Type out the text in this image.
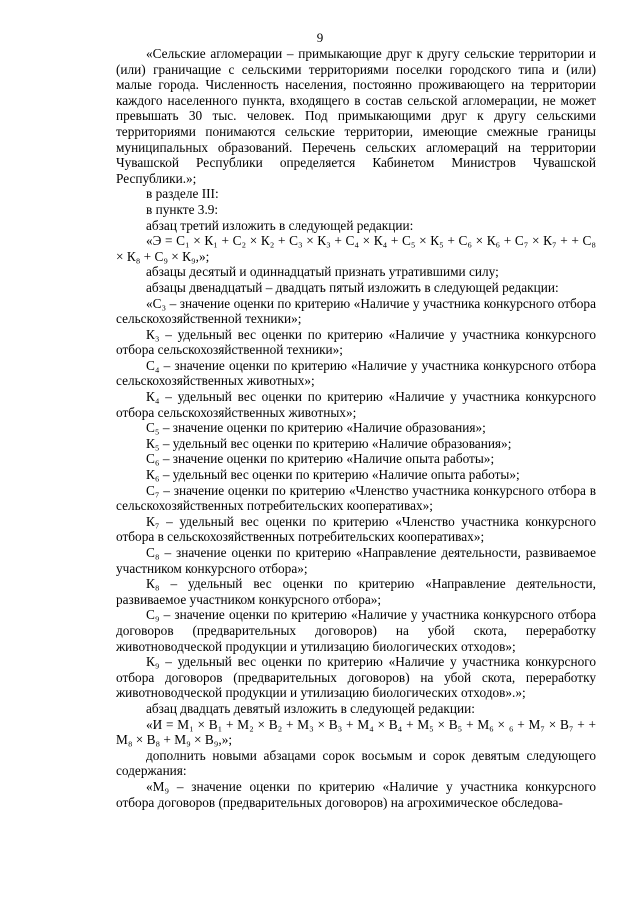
9

«Сельские агломерации – примыкающие друг к другу сельские территории и (или) граничащие с сельскими территориями поселки городского типа и (или) малые города. Численность населения, постоянно проживающего на территории каждого населенного пункта, входящего в состав сельской агломерации, не может превышать 30 тыс. человек. Под примыкающими друг к другу сельскими территориями понимаются сельские территории, имеющие смежные границы муниципальных образований. Перечень сельских агломераций на территории Чувашской Республики определяется Кабинетом Министров Чувашской Республики.»;

в разделе III:

в пункте 3.9:

абзац третий изложить в следующей редакции:

«Э = С₁ × К₁ + С₂ × К₂ + С₃ × К₃ + С₄ × К₄ + С₅ × К₅ + С₆ × К₆ + С₇ × К₇ + + С₈ × К₈ + С₉ × К₉,»;

абзацы десятый и одиннадцатый признать утратившими силу;

абзацы двенадцатый – двадцать пятый изложить в следующей редакции:

«С₃ – значение оценки по критерию «Наличие у участника конкурсного отбора сельскохозяйственной техники»;

К₃ – удельный вес оценки по критерию «Наличие у участника конкурсного отбора сельскохозяйственной техники»;

С₄ – значение оценки по критерию «Наличие у участника конкурсного отбора сельскохозяйственных животных»;

К₄ – удельный вес оценки по критерию «Наличие у участника конкурсного отбора сельскохозяйственных животных»;

С₅ – значение оценки по критерию «Наличие образования»;

К₅ – удельный вес оценки по критерию «Наличие образования»;

С₆ – значение оценки по критерию «Наличие опыта работы»;

К₆ – удельный вес оценки по критерию «Наличие опыта работы»;

С₇ – значение оценки по критерию «Членство участника конкурсного отбора в сельскохозяйственных потребительских кооперативах»;

К₇ – удельный вес оценки по критерию «Членство участника конкурсного отбора в сельскохозяйственных потребительских кооперативах»;

С₈ – значение оценки по критерию «Направление деятельности, развиваемое участником конкурсного отбора»;

К₈ – удельный вес оценки по критерию «Направление деятельности, развиваемое участником конкурсного отбора»;

С₉ – значение оценки по критерию «Наличие у участника конкурсного отбора договоров (предварительных договоров) на убой скота, переработку животноводческой продукции и утилизацию биологических отходов»;

К₉ – удельный вес оценки по критерию «Наличие у участника конкурсного отбора договоров (предварительных договоров) на убой скота, переработку животноводческой продукции и утилизацию биологических отходов».»;

абзац двадцать девятый изложить в следующей редакции:

«И = М₁ × В₁ + М₂ × В₂ + М₃ × В₃ + М₄ × В₄ + М₅ × В₅ + М₆ × ₆ + М₇ × В₇ + + М₈ × В₈ + М₉ × В₉,»;

дополнить новыми абзацами сорок восьмым и сорок девятым следующего содержания:

«М₉ – значение оценки по критерию «Наличие у участника конкурсного отбора договоров (предварительных договоров) на агрохимическое обследова-
